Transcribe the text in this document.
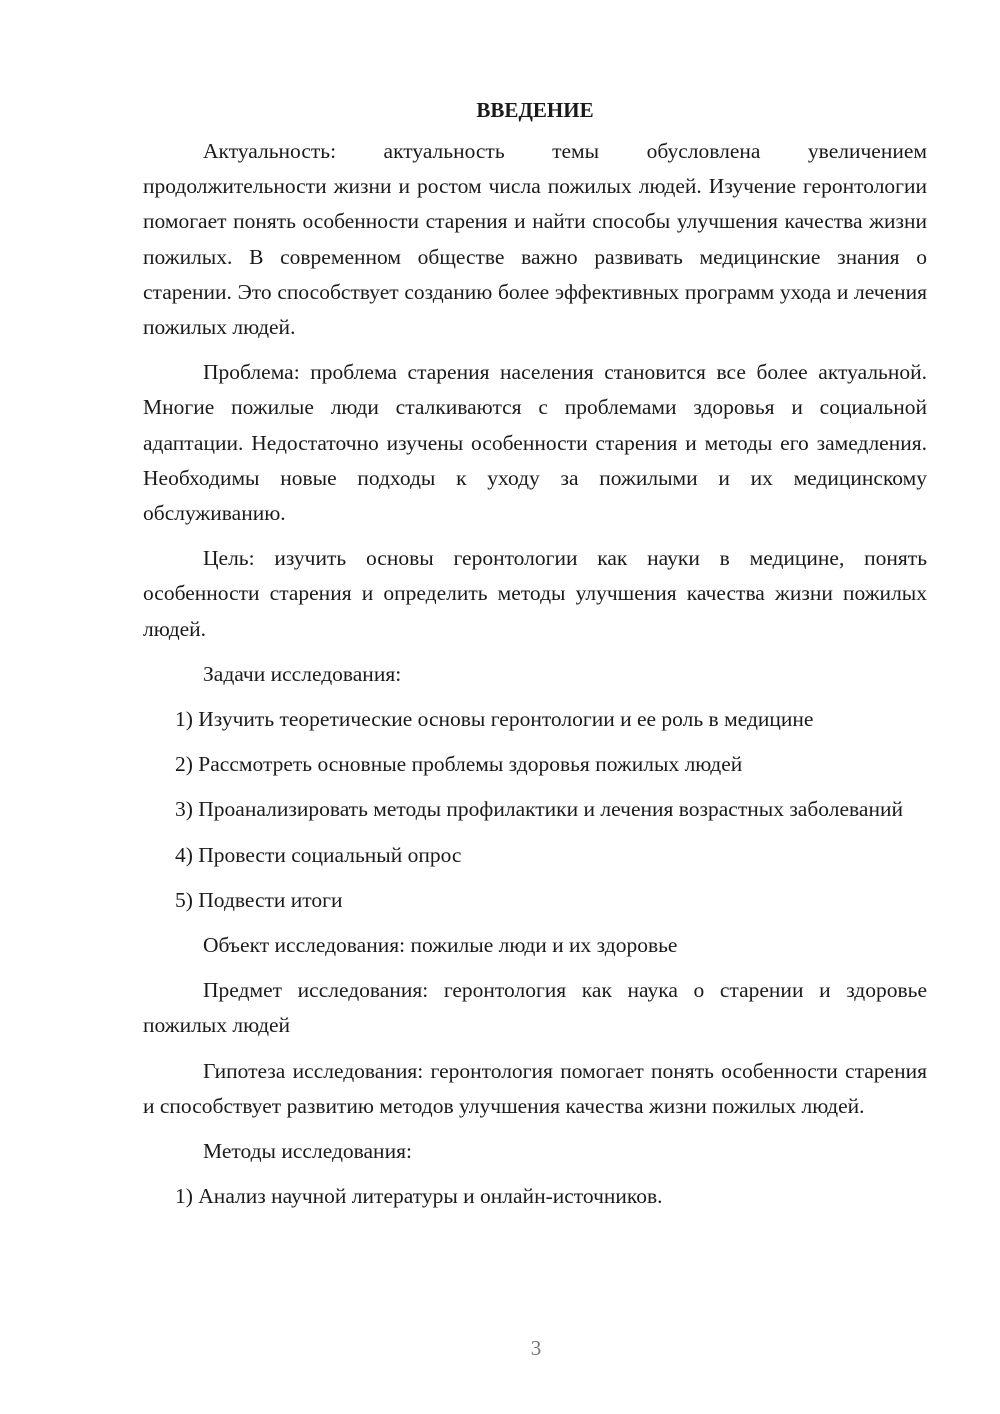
ВВЕДЕНИЕ

Актуальность: актуальность темы обусловлена увеличением продолжительности жизни и ростом числа пожилых людей. Изучение геронтологии помогает понять особенности старения и найти способы улучшения качества жизни пожилых. В современном обществе важно развивать медицинские знания о старении. Это способствует созданию более эффективных программ ухода и лечения пожилых людей.

Проблема: проблема старения населения становится все более актуальной. Многие пожилые люди сталкиваются с проблемами здоровья и социальной адаптации. Недостаточно изучены особенности старения и методы его замедления. Необходимы новые подходы к уходу за пожилыми и их медицинскому обслуживанию.

Цель: изучить основы геронтологии как науки в медицине, понять особенности старения и определить методы улучшения качества жизни пожилых людей.

Задачи исследования:

1) Изучить теоретические основы геронтологии и ее роль в медицине

2) Рассмотреть основные проблемы здоровья пожилых людей

3) Проанализировать методы профилактики и лечения возрастных заболеваний

4) Провести социальный опрос

5) Подвести итоги

Объект исследования: пожилые люди и их здоровье

Предмет исследования: геронтология как наука о старении и здоровье пожилых людей

Гипотеза исследования: геронтология помогает понять особенности старения и способствует развитию методов улучшения качества жизни пожилых людей.

Методы исследования:

1) Анализ научной литературы и онлайн-источников.

3
